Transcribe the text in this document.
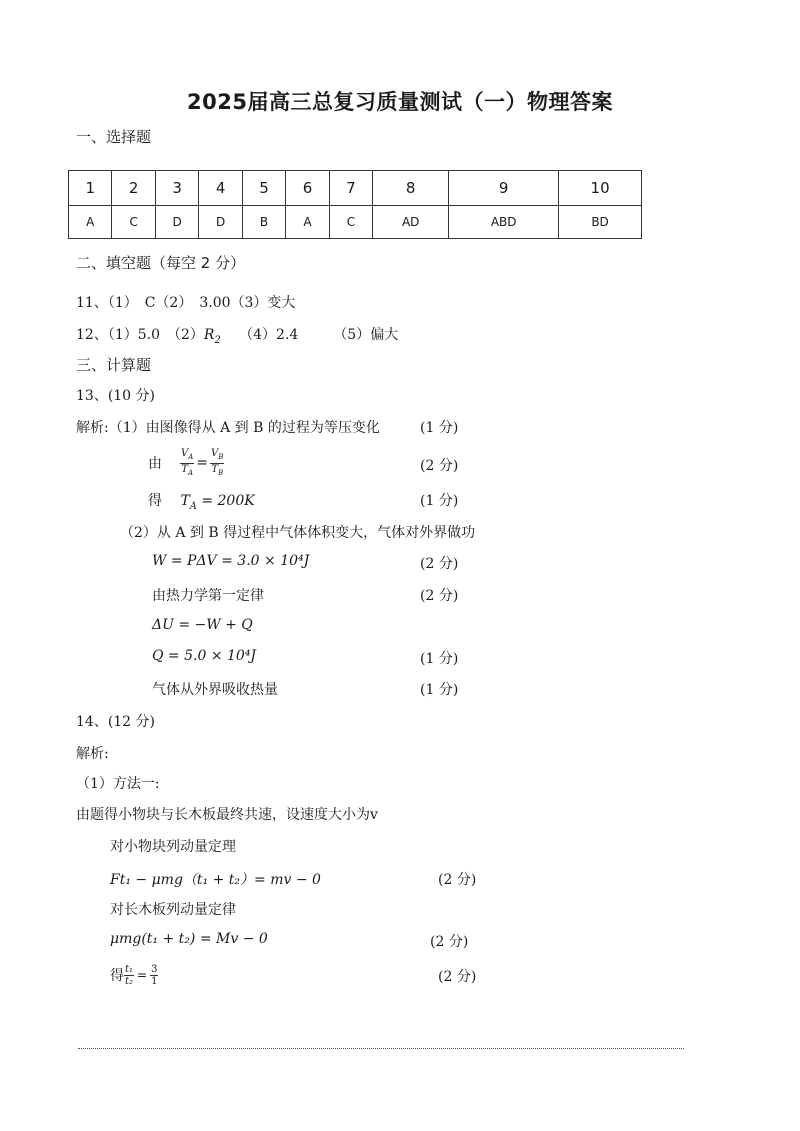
2025届高三总复习质量测试（一）物理答案
一、选择题
1	2	3	4	5	6	7	8	9	10
A	C	D	D	B	A	C	AD	ABD	BD
二、填空题（每空 2 分）
11、（1）　C（2）　3.00（3）变大
12、（1）5.0　$(2)R_2$ （4）2.4　　　（5）偏大
三、计算题
13、(10 分)
解析:（1）由图像得从 A 到 B 的过程为等压变化	(1 分)
由 $\frac{V_A}{T_A} = \frac{V_B}{T_B}$	(2 分)
得 $T_A = 200K$	(1 分)
（2）从 A 到 B 得过程中气体体积变大，气体对外界做功
W = PΔV = 3.0 × 10⁴J	(2 分)
由热力学第一定律	(2 分)
ΔU = −W + Q
Q = 5.0 × 10⁴J	(1 分)
气体从外界吸收热量	(1 分)
14、(12 分)
解析:
（1）方法一:
由题得小物块与长木板最终共速，设速度大小为v
对小物块列动量定理
Ft₁ − μmg（t₁ + t₂）= mv − 0	(2 分)
对长木板列动量定律
μmg(t₁ + t₂) = Mv − 0	(2 分)
得 $\frac{\text{t₁}}{\text{t₂}} = \frac{3}{1}$	(2 分)
